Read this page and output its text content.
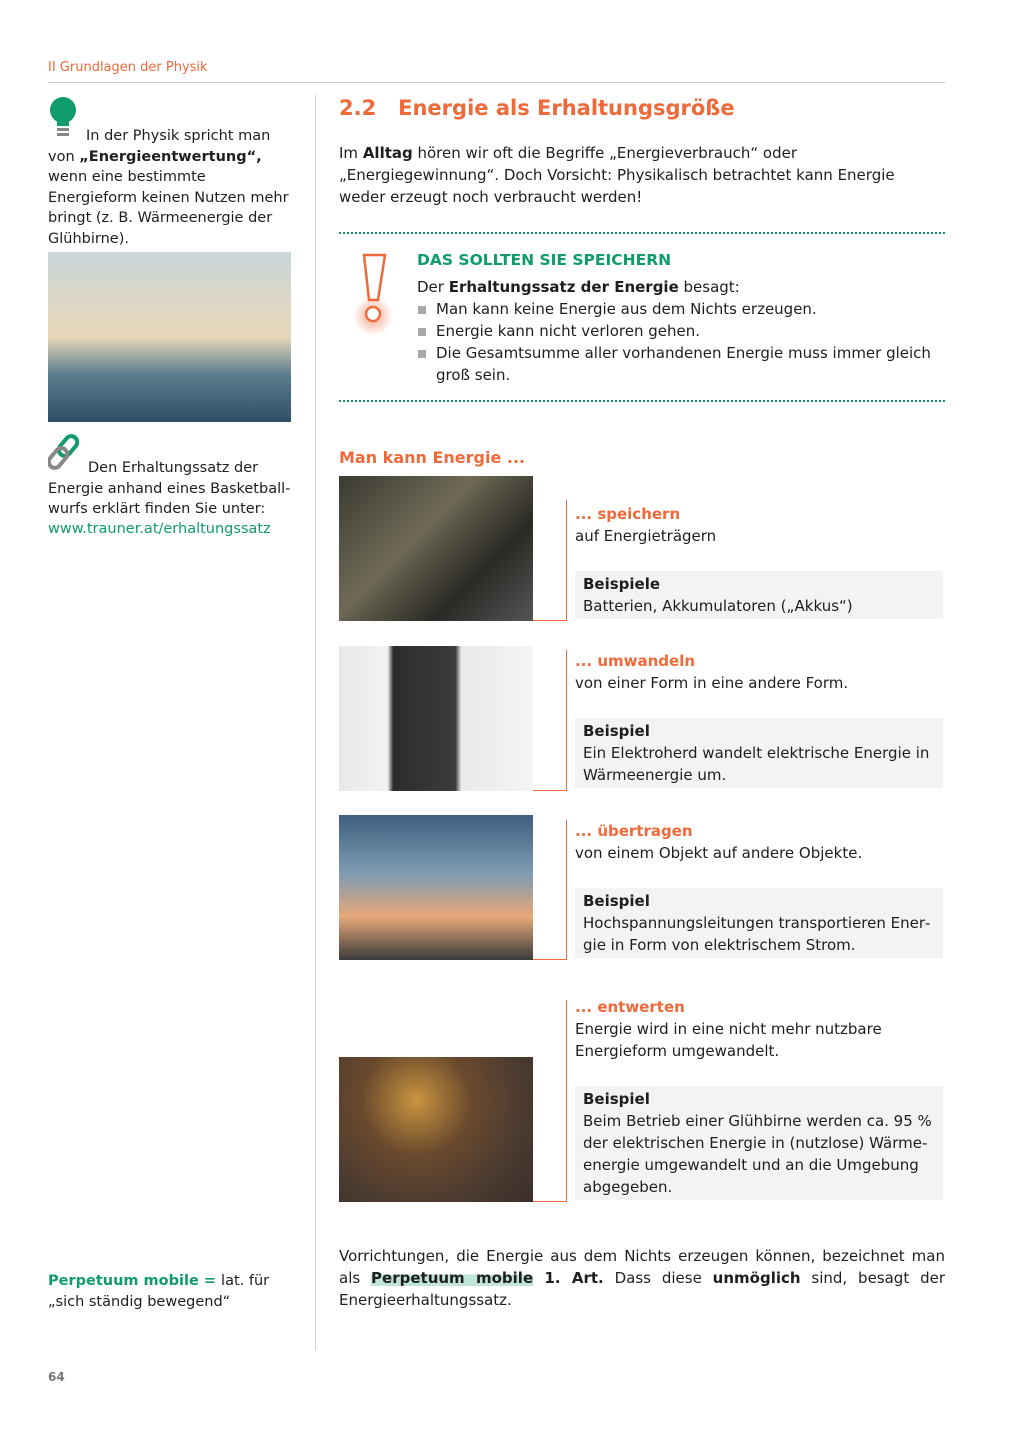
II Grundlagen der Physik
In der Physik spricht man von „Energieentwertung“, wenn eine bestimmte Energieform keinen Nutzen mehr bringt (z. B. Wärmeenergie der Glühbirne).
Den Erhaltungssatz der Energie anhand eines Basketballwurfs erklärt finden Sie unter:
www.trauner.at/erhaltungssatz
Perpetuum mobile = lat. für „sich ständig bewegend“
2.2 Energie als Erhaltungsgröße
Im Alltag hören wir oft die Begriffe „Energieverbrauch“ oder „Energiegewinnung“. Doch Vorsicht: Physikalisch betrachtet kann Energie weder erzeugt noch verbraucht werden!
DAS SOLLTEN SIE SPEICHERN
Der Erhaltungssatz der Energie besagt:
Man kann keine Energie aus dem Nichts erzeugen.
Energie kann nicht verloren gehen.
Die Gesamtsumme aller vorhandenen Energie muss immer gleich groß sein.
Man kann Energie ...
... speichern
auf Energieträgern
Beispiele
Batterien, Akkumulatoren („Akkus“)
... umwandeln
von einer Form in eine andere Form.
Beispiel
Ein Elektroherd wandelt elektrische Energie in Wärmeenergie um.
... übertragen
von einem Objekt auf andere Objekte.
Beispiel
Hochspannungsleitungen transportieren Energie in Form von elektrischem Strom.
... entwerten
Energie wird in eine nicht mehr nutzbare Energieform umgewandelt.
Beispiel
Beim Betrieb einer Glühbirne werden ca. 95 % der elektrischen Energie in (nutzlose) Wärmeenergie umgewandelt und an die Umgebung abgegeben.
Vorrichtungen, die Energie aus dem Nichts erzeugen können, bezeichnet man als Perpetuum mobile 1. Art. Dass diese unmöglich sind, besagt der Energieerhaltungssatz.
64
